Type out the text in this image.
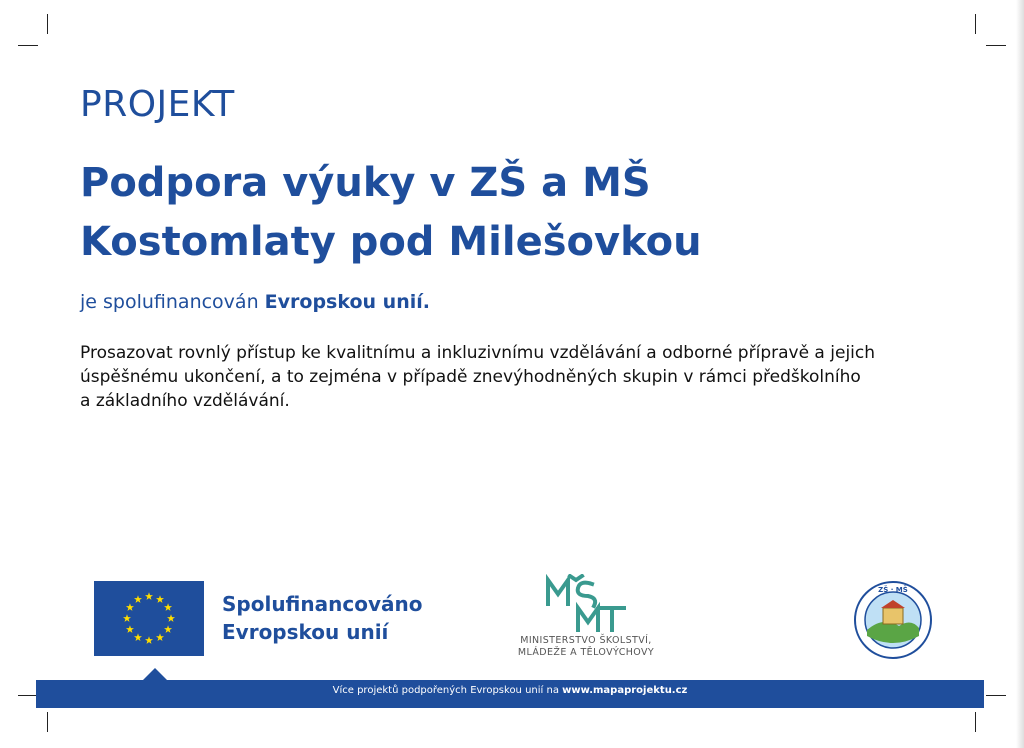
PROJEKT
Podpora výuky v ZŠ a MŠ
Kostomlaty pod Milešovkou
je spolufinancován Evropskou unií.
Prosazovat rovnlý přístup ke kvalitnímu a inkluzivnímu vzdělávání a odborné přípravě a jejich
úspěšnému ukončení, a to zejména v případě znevýhodněných skupin v rámci předškolního
a základního vzdělávání.
Spolufinancováno
Evropskou unií	MINISTERSTVO ŠKOLSTVÍ,
MLÁDEŽE A TĚLOVÝCHOVY
ZŠ · MŠ
Více projektů podpořených Evropskou unií na www.mapaprojektu.cz
